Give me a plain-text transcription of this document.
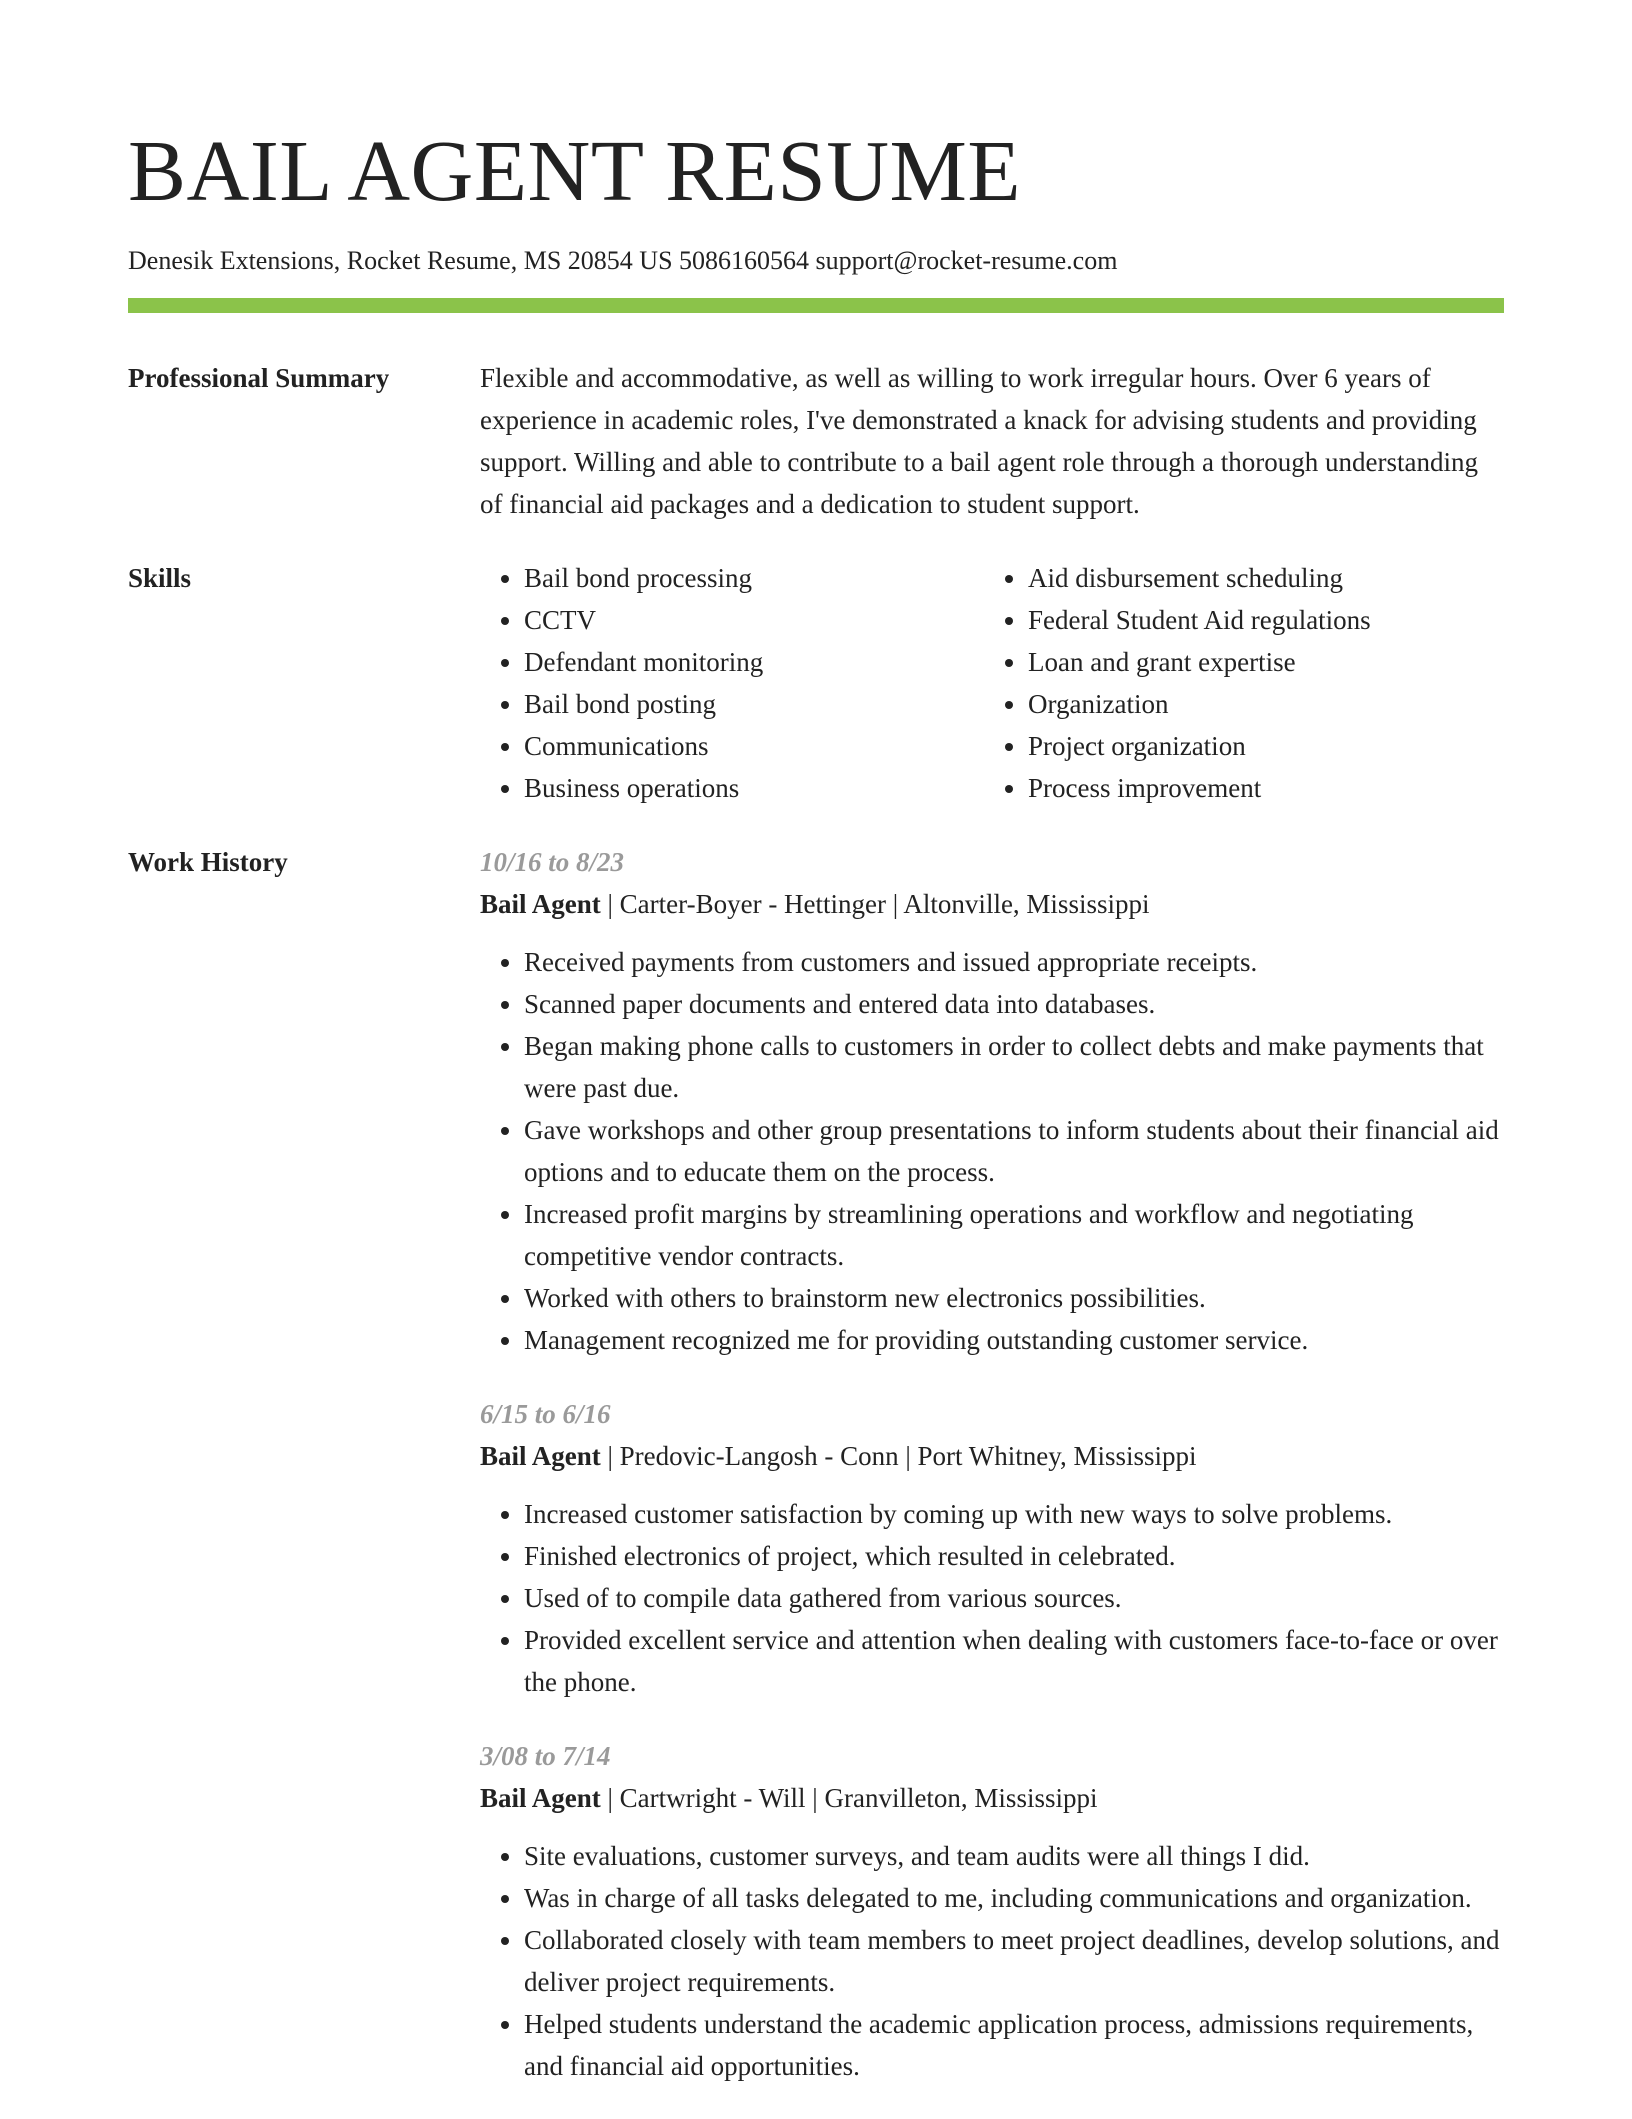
BAIL AGENT RESUME
Denesik Extensions, Rocket Resume, MS 20854 US 5086160564 support@rocket-resume.com
Professional Summary	Flexible and accommodative, as well as willing to work irregular hours. Over 6 years of experience in academic roles, I've demonstrated a knack for advising students and providing support. Willing and able to contribute to a bail agent role through a thorough understanding of financial aid packages and a dedication to student support.
Skills
•	Bail bond processing
• CCTV
• Defendant monitoring
• Bail bond posting
• Communications
• Business operations
• Aid disbursement scheduling
• Federal Student Aid regulations
• Loan and grant expertise
• Organization
• Project organization
• Process improvement
Work History	10/16 to 8/23
Bail Agent | Carter-Boyer - Hettinger | Altonville, Mississippi
• Received payments from customers and issued appropriate receipts.
• Scanned paper documents and entered data into databases.
• Began making phone calls to customers in order to collect debts and make payments that were past due.
• Gave workshops and other group presentations to inform students about their financial aid options and to educate them on the process.
• Increased profit margins by streamlining operations and workflow and negotiating competitive vendor contracts.
• Worked with others to brainstorm new electronics possibilities.
• Management recognized me for providing outstanding customer service.
6/15 to 6/16
Bail Agent | Predovic-Langosh - Conn | Port Whitney, Mississippi
• Increased customer satisfaction by coming up with new ways to solve problems.
• Finished electronics of project, which resulted in celebrated.
• Used of to compile data gathered from various sources.
• Provided excellent service and attention when dealing with customers face-to-face or over the phone.
3/08 to 7/14
Bail Agent | Cartwright - Will | Granvilleton, Mississippi
• Site evaluations, customer surveys, and team audits were all things I did.
• Was in charge of all tasks delegated to me, including communications and organization.
• Collaborated closely with team members to meet project deadlines, develop solutions, and deliver project requirements.
• Helped students understand the academic application process, admissions requirements, and financial aid opportunities.
